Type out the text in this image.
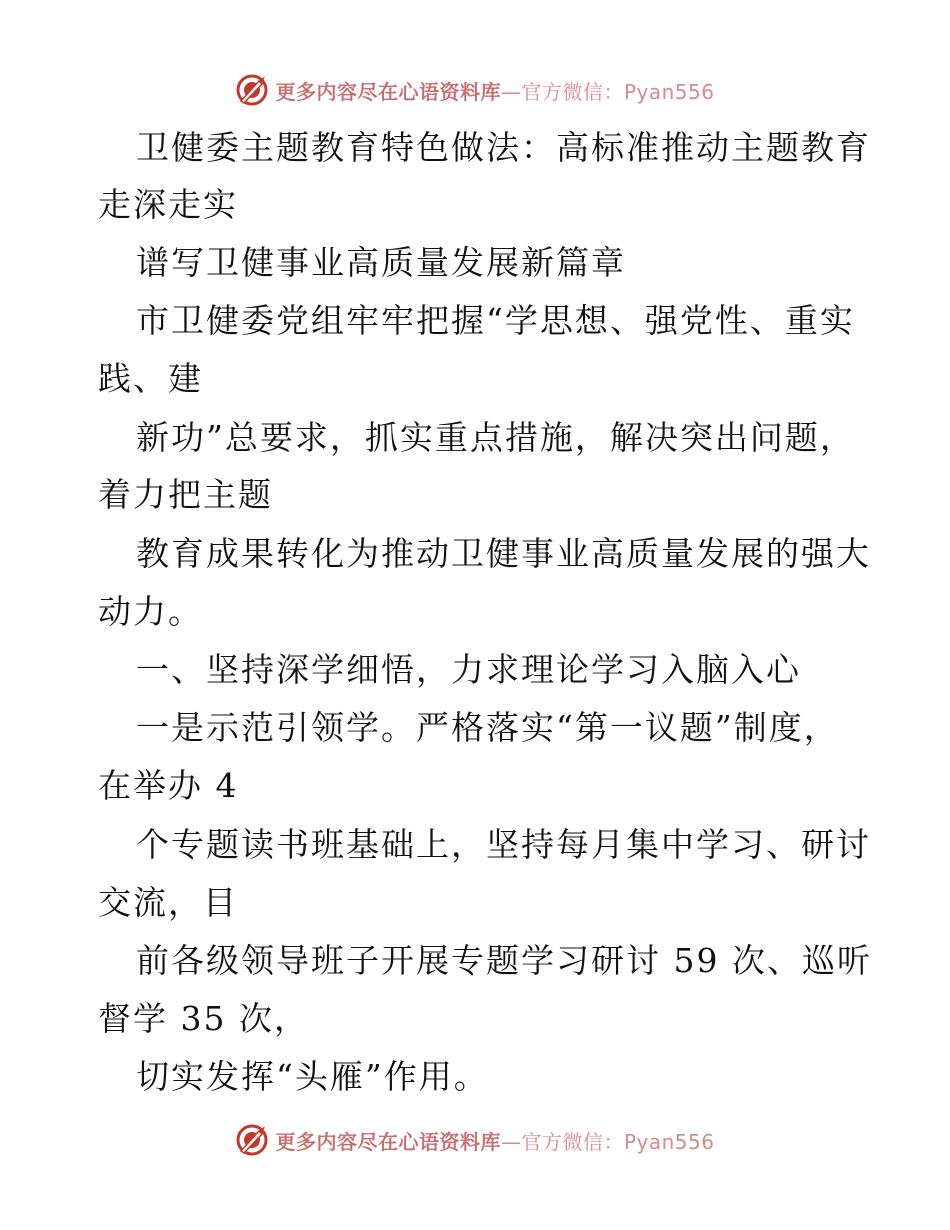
更多内容尽在心语资料库—官方微信：Pyan556
卫健委主题教育特色做法：高标准推动主题教育
走深走实
谱写卫健事业高质量发展新篇章
市卫健委党组牢牢把握“学思想、强党性、重实
践、建
新功”总要求，抓实重点措施，解决突出问题，
着力把主题
教育成果转化为推动卫健事业高质量发展的强大
动力。
一、坚持深学细悟，力求理论学习入脑入心
一是示范引领学。严格落实“第一议题”制度，
在举办 4
个专题读书班基础上，坚持每月集中学习、研讨
交流，目
前各级领导班子开展专题学习研讨 59 次、巡听
督学 35 次，
切实发挥“头雁”作用。
更多内容尽在心语资料库—官方微信：Pyan556
